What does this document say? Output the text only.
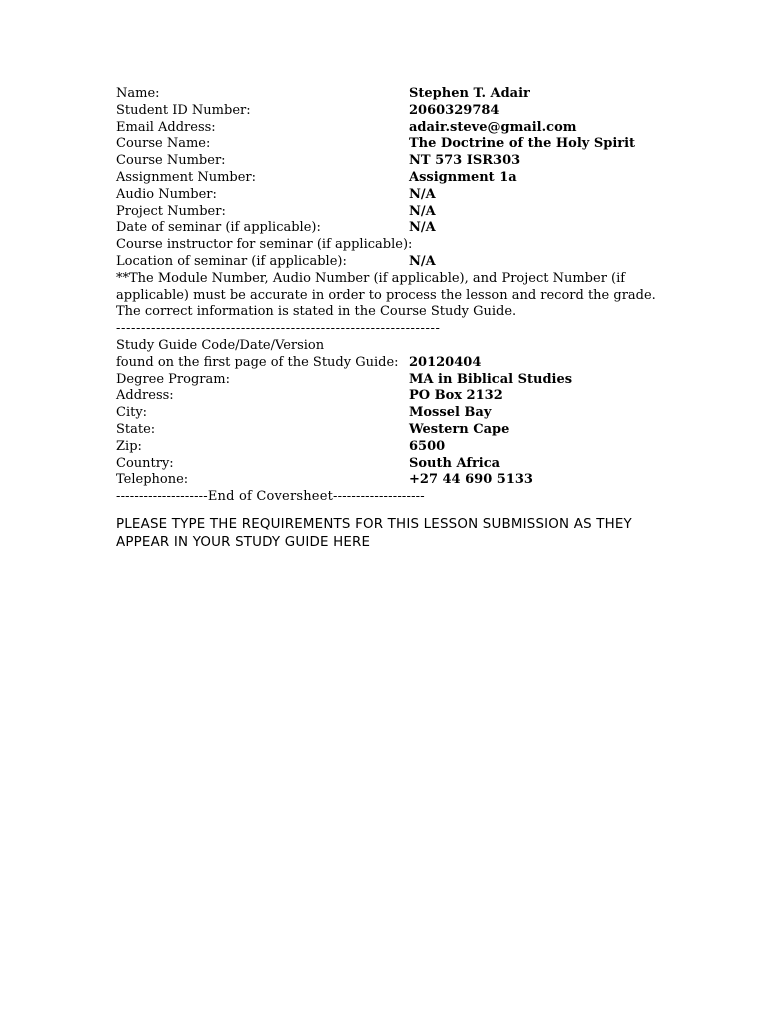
Name:	Stephen T. Adair
Student ID Number:	2060329784
Email Address:	adair.steve@gmail.com
Course Name:	The Doctrine of the Holy Spirit
Course Number:	NT 573 ISR303
Assignment Number:	Assignment 1a
Audio Number:	N/A
Project Number:	N/A
Date of seminar (if applicable):	N/A
Course instructor for seminar (if applicable):
Location of seminar (if applicable):	N/A

**The Module Number, Audio Number (if applicable), and Project Number (if applicable) must be accurate in order to process the lesson and record the grade. The correct information is stated in the Course Study Guide.

-----------------------------------------------------------------
Study Guide Code/Date/Version
found on the first page of the Study Guide: 20120404
Degree Program:	MA in Biblical Studies
Address:	PO Box 2132
City:	Mossel Bay
State:	Western Cape
Zip:	6500
Country:	South Africa
Telephone:	+27 44 690 5133
--------------------End of Coversheet--------------------
PLEASE TYPE THE REQUIREMENTS FOR THIS LESSON SUBMISSION AS THEY APPEAR IN YOUR STUDY GUIDE HERE
